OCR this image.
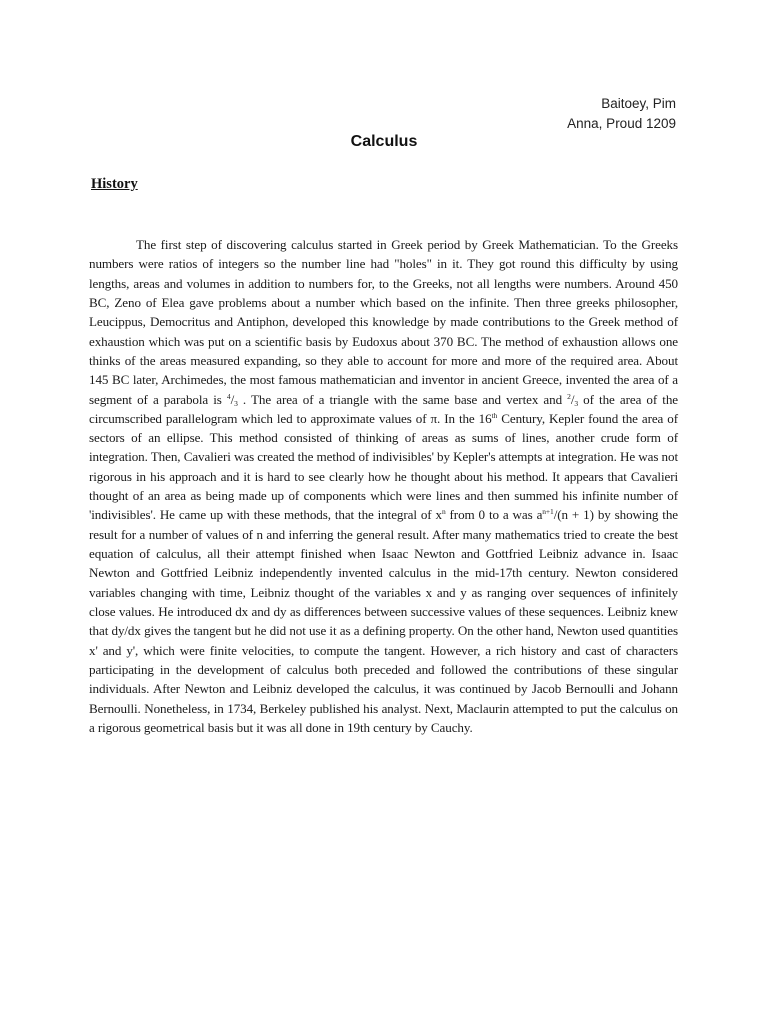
Baitoey, Pim
Anna, Proud 1209
Calculus
History

The first step of discovering calculus started in Greek period by Greek Mathematician. To the Greeks numbers were ratios of integers so the number line had "holes" in it. They got round this difficulty by using lengths, areas and volumes in addition to numbers for, to the Greeks, not all lengths were numbers. Around 450 BC, Zeno of Elea gave problems about a number which based on the infinite. Then three greeks philosopher, Leucippus, Democritus and Antiphon, developed this knowledge by made contributions to the Greek method of exhaustion which was put on a scientific basis by Eudoxus about 370 BC. The method of exhaustion allows one thinks of the areas measured expanding, so they able to account for more and more of the required area. About 145 BC later, Archimedes, the most famous mathematician and inventor in ancient Greece, invented the area of a segment of a parabola is $^4/_3$ . The area of a triangle with the same base and vertex and $^2/_3$ of the area of the circumscribed parallelogram which led to approximate values of π. In the 16th Century, Kepler found the area of sectors of an ellipse. This method consisted of thinking of areas as sums of lines, another crude form of integration. Then, Cavalieri was created the method of indivisibles' by Kepler's attempts at integration. He was not rigorous in his approach and it is hard to see clearly how he thought about his method. It appears that Cavalieri thought of an area as being made up of components which were lines and then summed his infinite number of 'indivisibles'. He came up with these methods, that the integral of $x^n$ from 0 to a was $a^{n+1}/(n + 1)$ by showing the result for a number of values of n and inferring the general result. After many mathematics tried to create the best equation of calculus, all their attempt finished when Isaac Newton and Gottfried Leibniz advance in. Isaac Newton and Gottfried Leibniz independently invented calculus in the mid-17th century. Newton considered variables changing with time, Leibniz thought of the variables x and y as ranging over sequences of infinitely close values. He introduced dx and dy as differences between successive values of these sequences. Leibniz knew that dy/dx gives the tangent but he did not use it as a defining property. On the other hand, Newton used quantities x' and y', which were finite velocities, to compute the tangent. However, a rich history and cast of characters participating in the development of calculus both preceded and followed the contributions of these singular individuals. After Newton and Leibniz developed the calculus, it was continued by Jacob Bernoulli and Johann Bernoulli. Nonetheless, in 1734, Berkeley published his analyst. Next, Maclaurin attempted to put the calculus on a rigorous geometrical basis but it was all done in 19th century by Cauchy.
